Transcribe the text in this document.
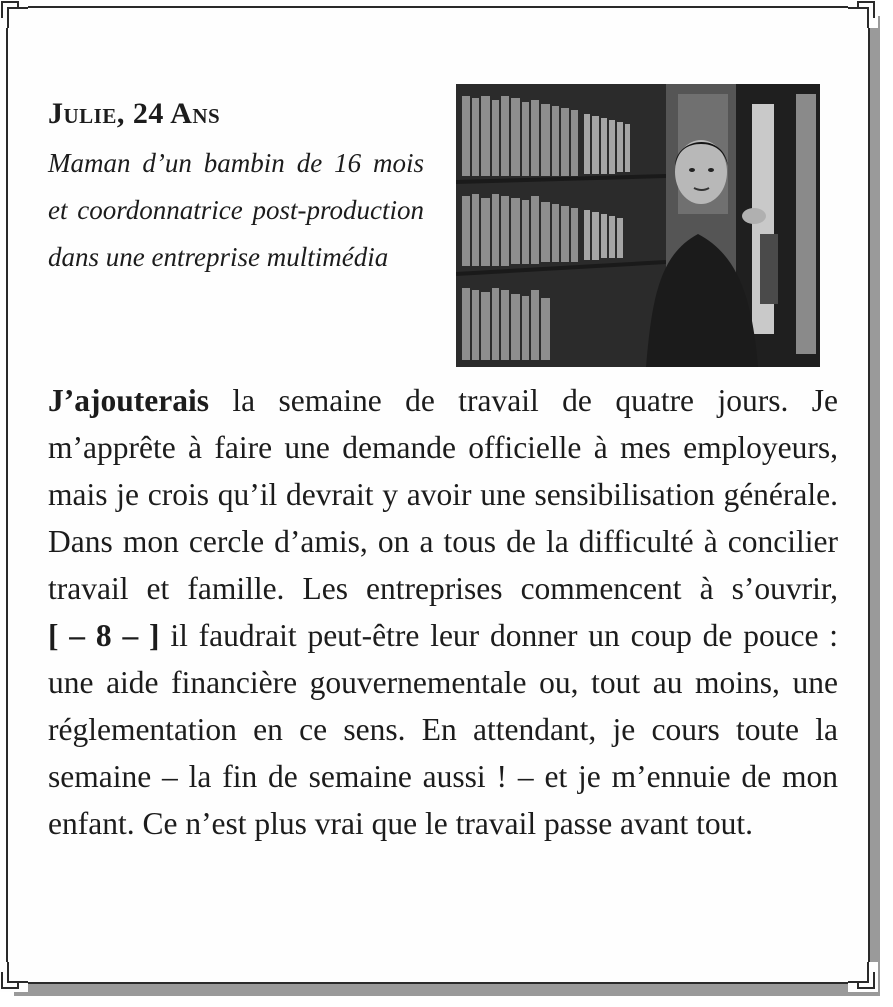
Julie, 24 Ans

Maman d’un bambin de 16 mois et coordonnatrice post-production dans une entreprise multimédia

J’ajouterais la semaine de travail de quatre jours. Je m’apprête à faire une demande officielle à mes employeurs, mais je crois qu’il devrait y avoir une sensibilisation générale. Dans mon cercle d’amis, on a tous de la difficulté à concilier travail et famille. Les entreprises commencent à s’ouvrir, [ – 8 – ] il faudrait peut-être leur donner un coup de pouce : une aide financière gouvernementale ou, tout au moins, une réglementation en ce sens. En attendant, je cours toute la semaine – la fin de semaine aussi ! – et je m’ennuie de mon enfant. Ce n’est plus vrai que le travail passe avant tout.
